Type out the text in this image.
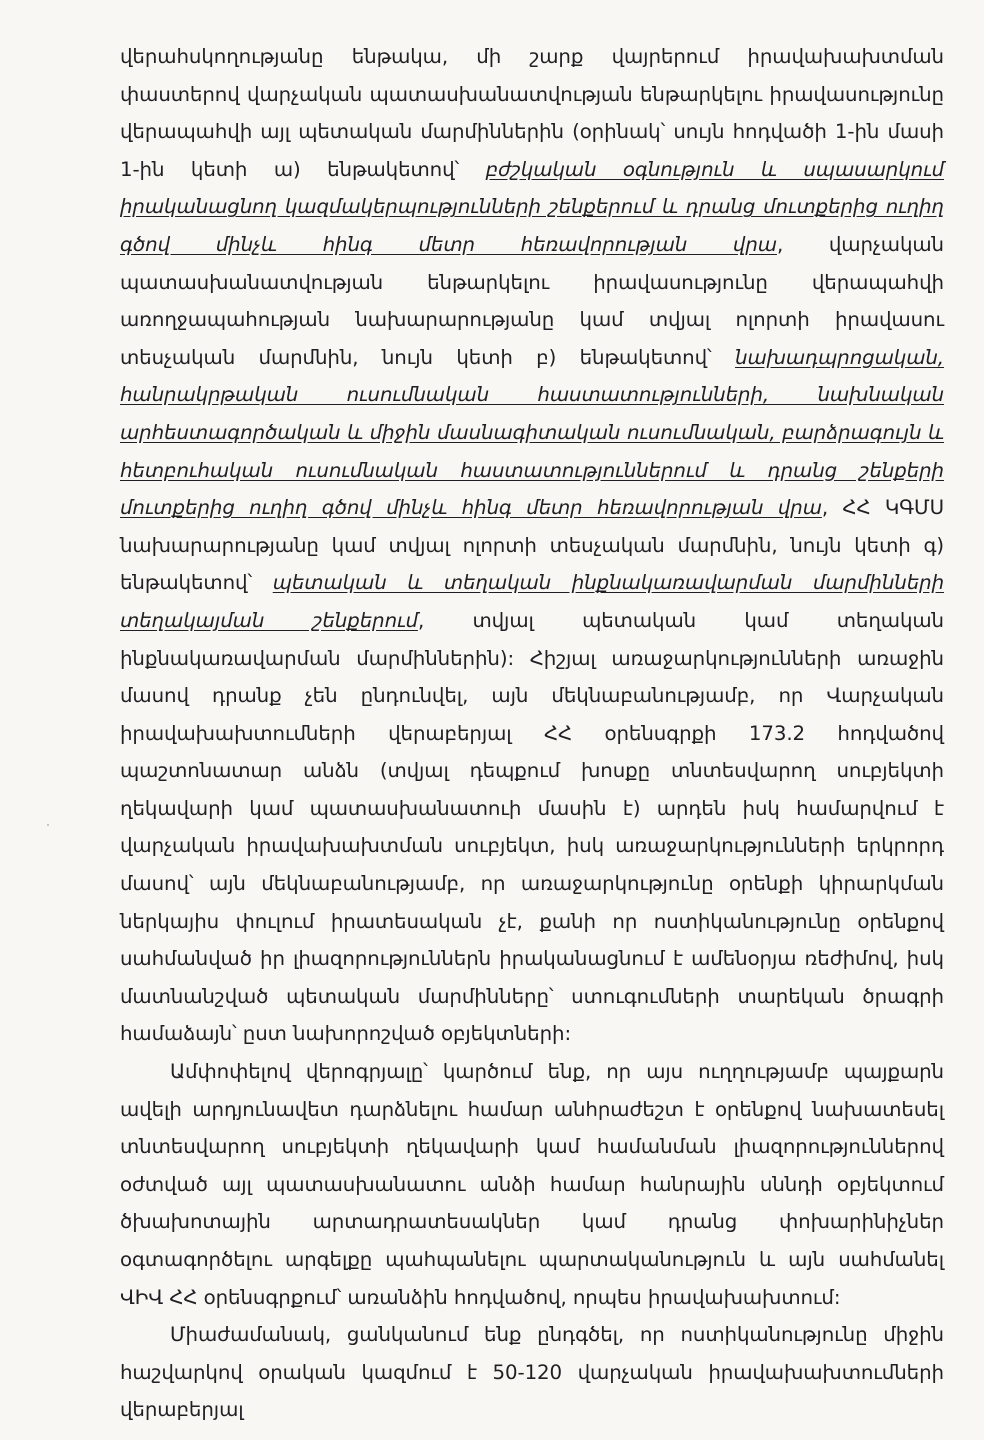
վերահսկողությանը ենթակա, մի շարք վայրերում իրավախախտման փաստերով վարչական պատասխանատվության ենթարկելու իրավասությունը վերապահվի այլ պետական մարմիններին (օրինակ՝ սույն հոդվածի 1-ին մասի 1-ին կետի ա) ենթակետով՝ բժշկական օգնություն և սպասարկում իրականացնող կազմակերպությունների շենքերում և դրանց մուտքերից ուղիղ գծով մինչև հինգ մետր հեռավորության վրա, վարչական պատասխանատվության ենթարկելու իրավասությունը վերապահվի առողջապահության նախարարությանը կամ տվյալ ոլորտի իրավասու տեսչական մարմնին, նույն կետի բ) ենթակետով՝ նախադպրոցական, հանրակրթական ուսումնական հաստատությունների, նախնական արհեստագործական և միջին մասնագիտական ուսումնական, բարձրագույն և հետբուհական ուսումնական հաստատություններում և դրանց շենքերի մուտքերից ուղիղ գծով մինչև հինգ մետր հեռավորության վրա, ՀՀ ԿԳՄՍ նախարարությանը կամ տվյալ ոլորտի տեսչական մարմնին, նույն կետի գ) ենթակետով՝ պետական և տեղական ինքնակառավարման մարմինների տեղակայման շենքերում, տվյալ պետական կամ տեղական ինքնակառավարման մարմիններին): Հիշյալ առաջարկությունների առաջին մասով դրանք չեն ընդունվել, այն մեկնաբանությամբ, որ Վարչական իրավախախտումների վերաբերյալ ՀՀ օրենսգրքի 173.2 հոդվածով պաշտոնատար անձն (տվյալ դեպքում խոսքը տնտեսվարող սուբյեկտի ղեկավարի կամ պատասխանատուի մասին է) արդեն իսկ համարվում է վարչական իրավախախտման սուբյեկտ, իսկ առաջարկությունների երկրորդ մասով՝ այն մեկնաբանությամբ, որ առաջարկությունը օրենքի կիրարկման ներկայիս փուլում իրատեսական չէ, քանի որ ոստիկանությունը օրենքով սահմանված իր լիազորություններն իրականացնում է ամենօրյա ռեժիմով, իսկ մատնանշված պետական մարմինները՝ ստուգումների տարեկան ծրագրի համաձայն՝ ըստ նախորոշված օբյեկտների:

Ամփոփելով վերոգրյալը՝ կարծում ենք, որ այս ուղղությամբ պայքարն ավելի արդյունավետ դարձնելու համար անհրաժեշտ է օրենքով նախատեսել տնտեսվարող սուբյեկտի ղեկավարի կամ համանման լիազորություններով օժտված այլ պատասխանատու անձի համար հանրային սննդի օբյեկտում ծխախոտային արտադրատեսակներ կամ դրանց փոխարինիչներ օգտագործելու արգելքը պահպանելու պարտականություն և այն սահմանել ՎԻՎ ՀՀ օրենսգրքում՝ առանձին հոդվածով, որպես իրավախախտում:

Միաժամանակ, ցանկանում ենք ընդգծել, որ ոստիկանությունը միջին հաշվարկով օրական կազմում է 50-120 վարչական իրավախախտումների վերաբերյալ
